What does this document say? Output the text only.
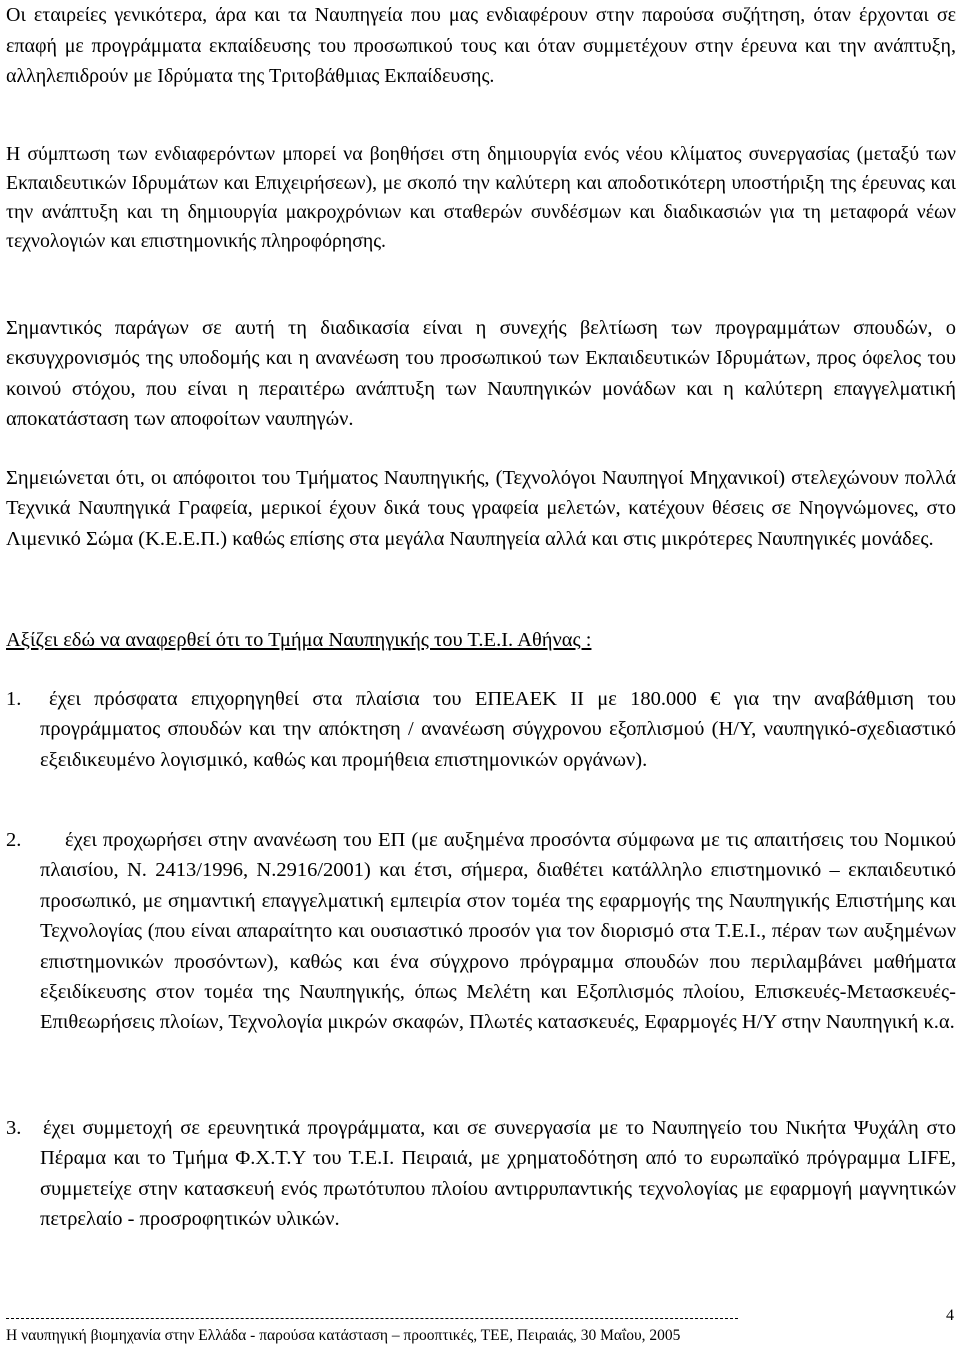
Οι εταιρείες γενικότερα, άρα και τα Ναυπηγεία που μας ενδιαφέρουν στην παρούσα συζήτηση, όταν έρχονται σε επαφή με προγράμματα εκπαίδευσης του προσωπικού τους και όταν συμμετέχουν στην έρευνα και την ανάπτυξη, αλληλεπιδρούν με Ιδρύματα της Τριτοβάθμιας Εκπαίδευσης.

Η σύμπτωση των ενδιαφερόντων μπορεί να βοηθήσει στη δημιουργία ενός νέου κλίματος συνεργασίας (μεταξύ των Εκπαιδευτικών Ιδρυμάτων και Επιχειρήσεων), με σκοπό την καλύτερη και αποδοτικότερη υποστήριξη της έρευνας και την ανάπτυξη και τη δημιουργία μακροχρόνιων και σταθερών συνδέσμων και διαδικασιών για τη μεταφορά νέων τεχνολογιών και επιστημονικής πληροφόρησης.

Σημαντικός παράγων σε αυτή τη διαδικασία είναι η συνεχής βελτίωση των προγραμμάτων σπουδών, ο εκσυγχρονισμός της υποδομής και η ανανέωση του προσωπικού των Εκπαιδευτικών Ιδρυμάτων, προς όφελος του κοινού στόχου, που είναι η περαιτέρω ανάπτυξη των Ναυπηγικών μονάδων και η καλύτερη επαγγελματική αποκατάσταση των αποφοίτων ναυπηγών.

Σημειώνεται ότι, οι απόφοιτοι του Τμήματος Ναυπηγικής, (Τεχνολόγοι Ναυπηγοί Μηχανικοί) στελεχώνουν πολλά Τεχνικά Ναυπηγικά Γραφεία, μερικοί έχουν δικά τους γραφεία μελετών, κατέχουν θέσεις σε Νηογνώμονες, στο Λιμενικό Σώμα (Κ.Ε.Ε.Π.) καθώς επίσης στα μεγάλα Ναυπηγεία αλλά και στις μικρότερες Ναυπηγικές μονάδες.

Αξίζει εδώ να αναφερθεί ότι το Τμήμα Ναυπηγικής του Τ.Ε.Ι. Αθήνας :

1.	έχει πρόσφατα επιχορηγηθεί στα πλαίσια του ΕΠΕΑΕΚ ΙΙ με 180.000 € για την αναβάθμιση του προγράμματος σπουδών και την απόκτηση / ανανέωση σύγχρονου εξοπλισμού (Η/Υ, ναυπηγικό-σχεδιαστικό εξειδικευμένο λογισμικό, καθώς και προμήθεια επιστημονικών οργάνων).

2.	έχει προχωρήσει στην ανανέωση του ΕΠ (με αυξημένα προσόντα σύμφωνα με τις απαιτήσεις του Νομικού πλαισίου, Ν. 2413/1996, Ν.2916/2001) και έτσι, σήμερα, διαθέτει κατάλληλο επιστημονικό – εκπαιδευτικό προσωπικό, με σημαντική επαγγελματική εμπειρία στον τομέα της εφαρμογής της Ναυπηγικής Επιστήμης και Τεχνολογίας (που είναι απαραίτητο και ουσιαστικό προσόν για τον διορισμό στα Τ.Ε.Ι., πέραν των αυξημένων επιστημονικών προσόντων), καθώς και ένα σύγχρονο πρόγραμμα σπουδών που περιλαμβάνει μαθήματα εξειδίκευσης στον τομέα της Ναυπηγικής, όπως Μελέτη και Εξοπλισμός πλοίου, Επισκευές-Μετασκευές-Επιθεωρήσεις πλοίων, Τεχνολογία μικρών σκαφών, Πλωτές κατασκευές, Εφαρμογές Η/Υ στην Ναυπηγική κ.α.

3. έχει συμμετοχή σε ερευνητικά προγράμματα, και σε συνεργασία με το Ναυπηγείο του Νικήτα Ψυχάλη στο Πέραμα και το Τμήμα Φ.Χ.Τ.Υ του Τ.Ε.Ι. Πειραιά, με χρηματοδότηση από το ευρωπαϊκό πρόγραμμα LIFE, συμμετείχε στην κατασκευή ενός πρωτότυπου πλοίου αντιρρυπαντικής τεχνολογίας με εφαρμογή μαγνητικών πετρελαίο - προσροφητικών υλικών.

Η ναυπηγική βιομηχανία στην Ελλάδα - παρούσα κατάσταση – προοπτικές, ΤΕΕ, Πειραιάς, 30 Μαΐου, 2005

4
